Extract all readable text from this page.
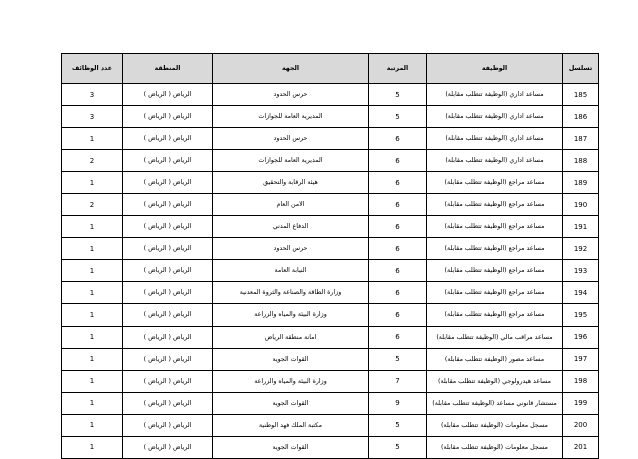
تسلسل	الوظيفة	المرتبة	الجهة	المنطقة	عدد الوظائف
185	مساعد اداري (الوظيفة تتطلب مقابلة)	5	حرس الحدود	الرياض ( الرياض )	3
186	مساعد اداري (الوظيفة تتطلب مقابلة)	5	المديرية العامة للجوازات	الرياض ( الرياض )	3
187	مساعد اداري (الوظيفة تتطلب مقابلة)	6	حرس الحدود	الرياض ( الرياض )	1
188	مساعد اداري (الوظيفة تتطلب مقابلة)	6	المديرية العامة للجوازات	الرياض ( الرياض )	2
189	مساعد مراجع (الوظيفة تتطلب مقابلة)	6	هيئة الرقابة والتحقيق	الرياض ( الرياض )	1
190	مساعد مراجع (الوظيفة تتطلب مقابلة)	6	الامن العام	الرياض ( الرياض )	2
191	مساعد مراجع (الوظيفة تتطلب مقابلة)	6	الدفاع المدني	الرياض ( الرياض )	1
192	مساعد مراجع (الوظيفة تتطلب مقابلة)	6	حرس الحدود	الرياض ( الرياض )	1
193	مساعد مراجع (الوظيفة تتطلب مقابلة)	6	النيابة العامة	الرياض ( الرياض )	1
194	مساعد مراجع (الوظيفة تتطلب مقابلة)	6	وزارة الطاقة والصناعة والثروة المعدنية	الرياض ( الرياض )	1
195	مساعد مراجع (الوظيفة تتطلب مقابلة)	6	وزارة البيئة والمياه والزراعة	الرياض ( الرياض )	1
196	مساعد مراقب مالي (الوظيفة تتطلب مقابلة)	6	امانة منطقة الرياض	الرياض ( الرياض )	1
197	مساعد مصور (الوظيفة تتطلب مقابلة)	5	القوات الجوية	الرياض ( الرياض )	1
198	مساعد هيدرولوجي (الوظيفة تتطلب مقابلة)	7	وزارة البيئة والمياه والزراعة	الرياض ( الرياض )	1
199	مستشار قانوني مساعد (الوظيفة تتطلب مقابلة)	9	القوات الجوية	الرياض ( الرياض )	1
200	مسجل معلومات (الوظيفة تتطلب مقابلة)	5	مكتبة الملك فهد الوطنية	الرياض ( الرياض )	1
201	مسجل معلومات (الوظيفة تتطلب مقابلة)	5	القوات الجوية	الرياض ( الرياض )	1
